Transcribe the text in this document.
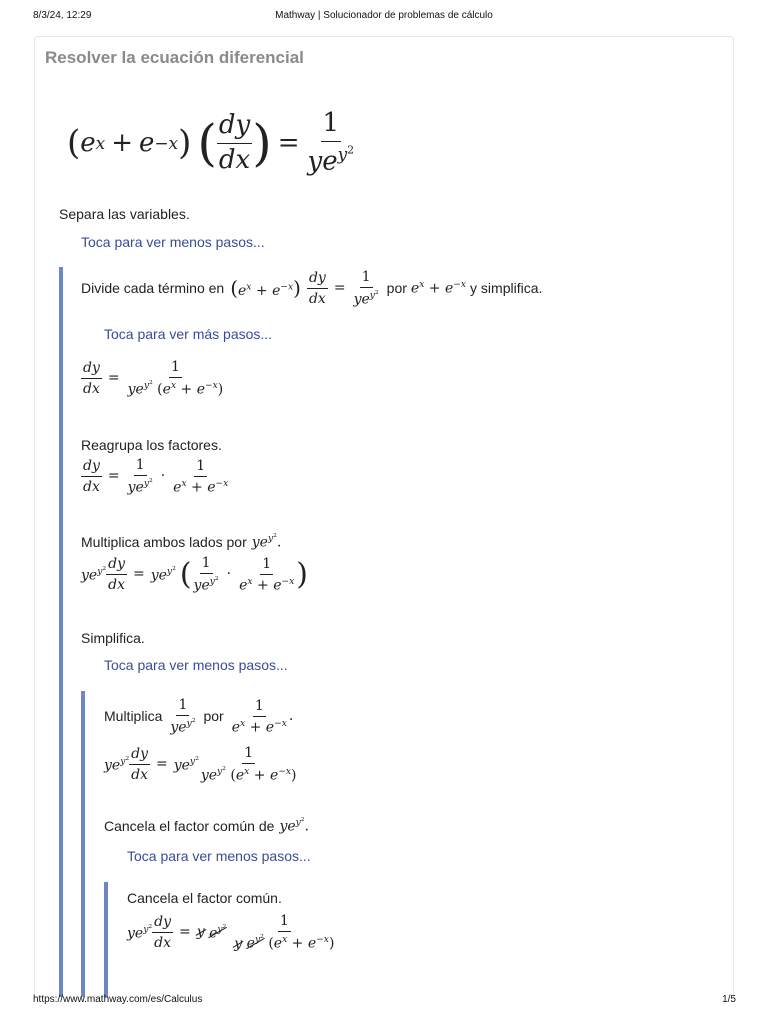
8/3/24, 12:29	Mathway | Solucionador de problemas de cálculo
Resolver la ecuación diferencial
( e x + e −x ) ( $\frac{dy}{dx}$ ) = $\frac{1}{ye^{y^2}}$
Separa las variables.
Toca para ver menos pasos...
Divide cada término en $(e^x + e^{-x}) \frac{dy}{dx} = \frac{1}{ye^{y^2}}$ por $e^x + e^{-x}$ y simplifica.
Toca para ver más pasos...
$\frac{dy}{dx} = \frac{1}{ye^{y^2} (e^x + e^{-x})}$
Reagrupa los factores.
$\frac{dy}{dx} = \frac{1}{ye^{y^2}} \cdot \frac{1}{e^x + e^{-x}}$
Multiplica ambos lados por $ye^{y^2}$.
$ye^{y^2} \frac{dy}{dx} = ye^{y^2}$ ( $\frac{1}{ye^{y^2}} \cdot \frac{1}{e^x + e^{-x}}$ )
Simplifica.
Toca para ver menos pasos...
Multiplica $\frac{1}{ye^{y^2}}$ por $\frac{1}{e^x + e^{-x}}$ .
$ye^{y^2} \frac{dy}{dx} = ye^{y^2} \frac{1}{ye^{y^2} (e^x + e^{-x})}$
Cancela el factor común de $ye^{y^2}$.
Toca para ver menos pasos...
Cancela el factor común.
$ye^{y^2} \frac{dy}{dx} = y$
$e^{y^2} \frac{1}{y e^{y^2} (e^x + e^{-x})}$
https://www.mathway.com/es/Calculus	1/5
